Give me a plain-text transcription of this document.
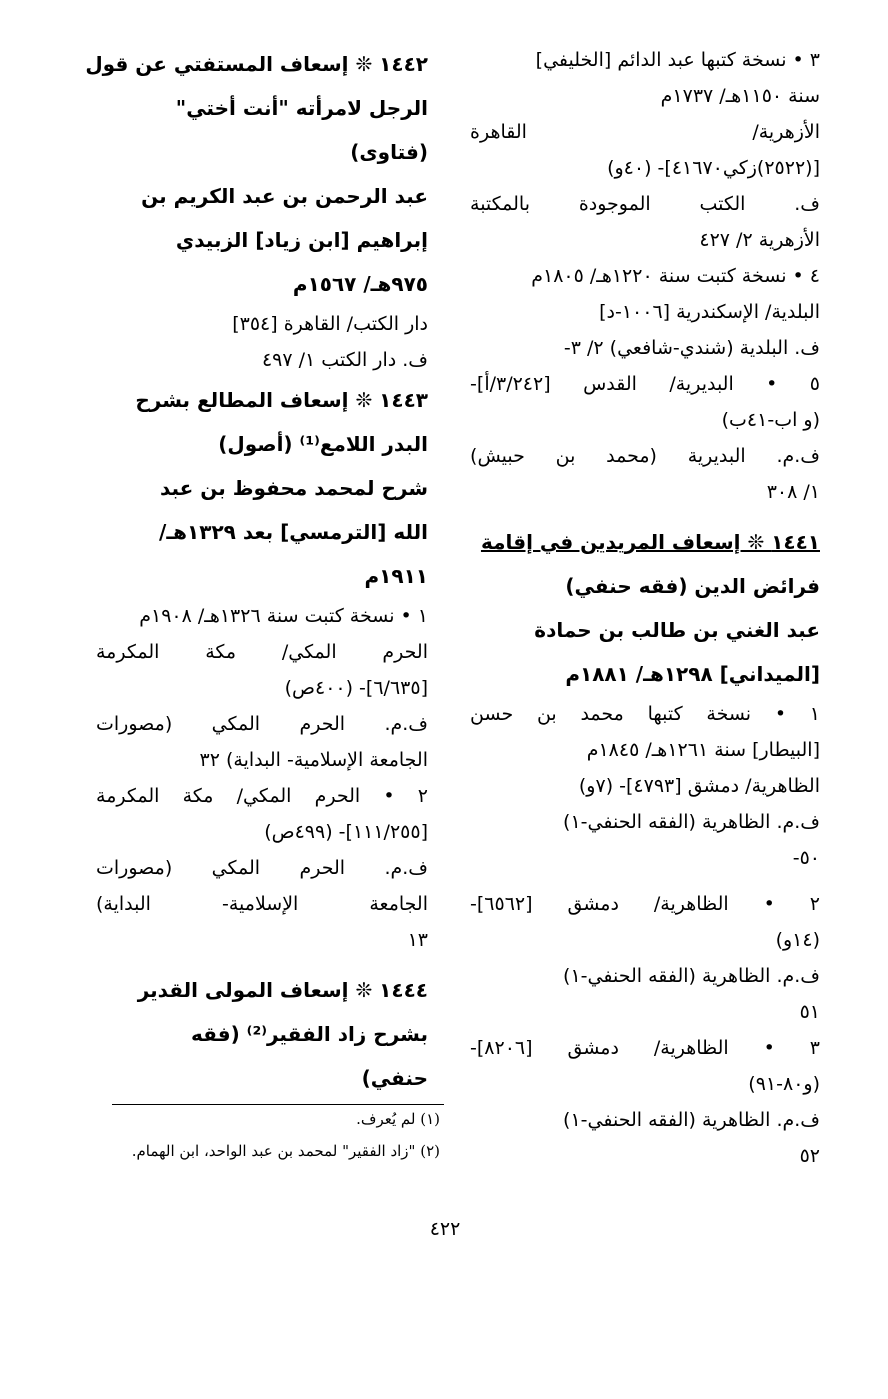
٣ • نسخة كتبها عبد الدائم [الخليفي]
سنة ١١٥٠هـ/ ١٧٣٧م
الأزهرية/
القاهرة
[(٢٥٢٢)زكي٤١٦٧٠]- (٤٠و)
ف.
الكتب
الموجودة
بالمكتبة
الأزهرية ٢/ ٤٢٧
٤ • نسخة كتبت سنة ١٢٢٠هـ/ ١٨٠٥م
البلدية/ الإسكندرية [١٠٠٦-د]
ف. البلدية (شندي-شافعي) ٢/ ٣-
٥
•
البديرية/
القدس
[٣/٢٤٢/أ]-
(و اب-٤١ب)
ف.م.
البديرية
(محمد
بن
حبيش)
١/ ٣٠٨
١٤٤١ ❊ إسعاف المريدين في إقامة
فرائض الدين (فقه حنفي)
عبد الغني بن طالب بن حمادة
[الميداني] ١٢٩٨هـ/ ١٨٨١م
١
•
نسخة
كتبها
محمد
بن
حسن
[البيطار] سنة ١٢٦١هـ/ ١٨٤٥م
الظاهرية/ دمشق [٤٧٩٣]- (٧و)
ف.م. الظاهرية (الفقه الحنفي-١)
٥٠-
٢
•
الظاهرية/
دمشق
[٦٥٦٢]-
(١٤و)
ف.م. الظاهرية (الفقه الحنفي-١)
٥١
٣
•
الظاهرية/
دمشق
[٨٢٠٦]-
(و٨٠-٩١)
ف.م. الظاهرية (الفقه الحنفي-١)
٥٢
١٤٤٢ ❊ إسعاف المستفتي عن قول
الرجل لامرأته "أنت أختي"
(فتاوى)
عبد الرحمن بن عبد الكريم بن
إبراهيم [ابن زياد] الزبيدي
٩٧٥هـ/ ١٥٦٧م
دار الكتب/ القاهرة [٣٥٤]
ف. دار الكتب ١/ ٤٩٧
١٤٤٣ ❊ إسعاف المطالع بشرح
البدر اللامع⁽¹⁾ (أصول)
شرح لمحمد محفوظ بن عبد
الله [الترمسي] بعد ١٣٢٩هـ/
١٩١١م
١ • نسخة كتبت سنة ١٣٢٦هـ/ ١٩٠٨م
الحرم
المكي/
مكة
المكرمة
[٦/٦٣٥]- (٤٠٠ص)
ف.م.
الحرم
المكي
(مصورات
الجامعة الإسلامية- البداية) ٣٢
٢
•
الحرم
المكي/
مكة
المكرمة
[١١١/٢٥٥]- (٤٩٩ص)
ف.م.
الحرم
المكي
(مصورات
الجامعة
الإسلامية-
البداية)
١٣
١٤٤٤ ❊ إسعاف المولى القدير
بشرح زاد الفقير⁽²⁾ (فقه
حنفي)
(١) لم يُعرف.
(٢) "زاد الفقير" لمحمد بن عبد الواحد، ابن الهمام.
٤٢٢
